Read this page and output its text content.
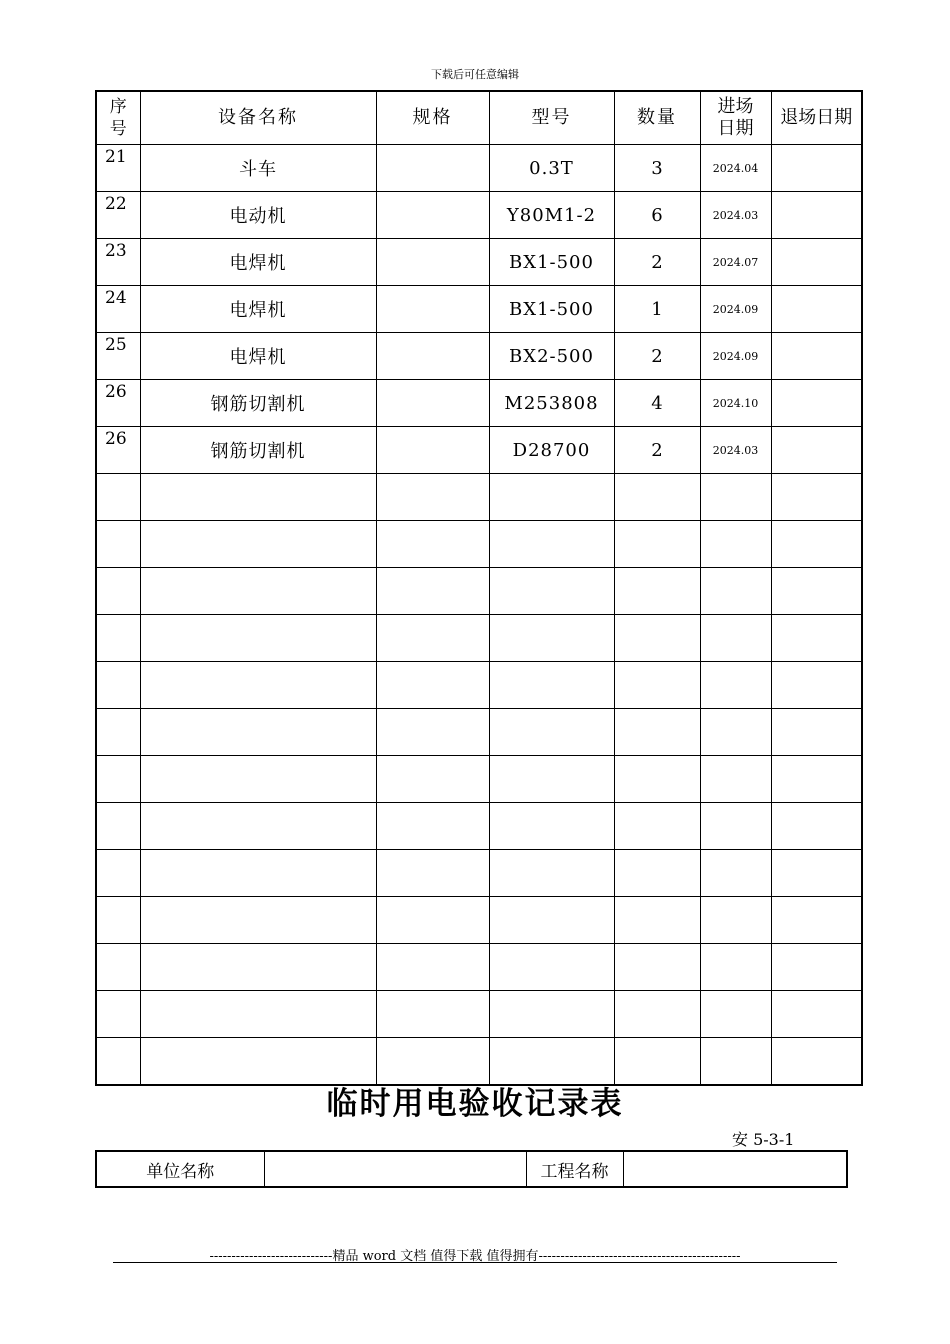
下载后可任意编辑
序号	设备名称	规格	型号	数量	进场日期	退场日期
21	斗车		0.3T	3	2024.04	
22	电动机		Y80M1-2	6	2024.03	
23	电焊机		BX1-500	2	2024.07	
24	电焊机		BX1-500	1	2024.09	
25	电焊机		BX2-500	2	2024.09	
26	钢筋切割机		M253808	4	2024.10	
26	钢筋切割机		D28700	2	2024.03	

临时用电验收记录表
安 5-3-1
单位名称		工程名称	
----------------------------精品 word 文档 值得下载 值得拥有----------------------------------------------
